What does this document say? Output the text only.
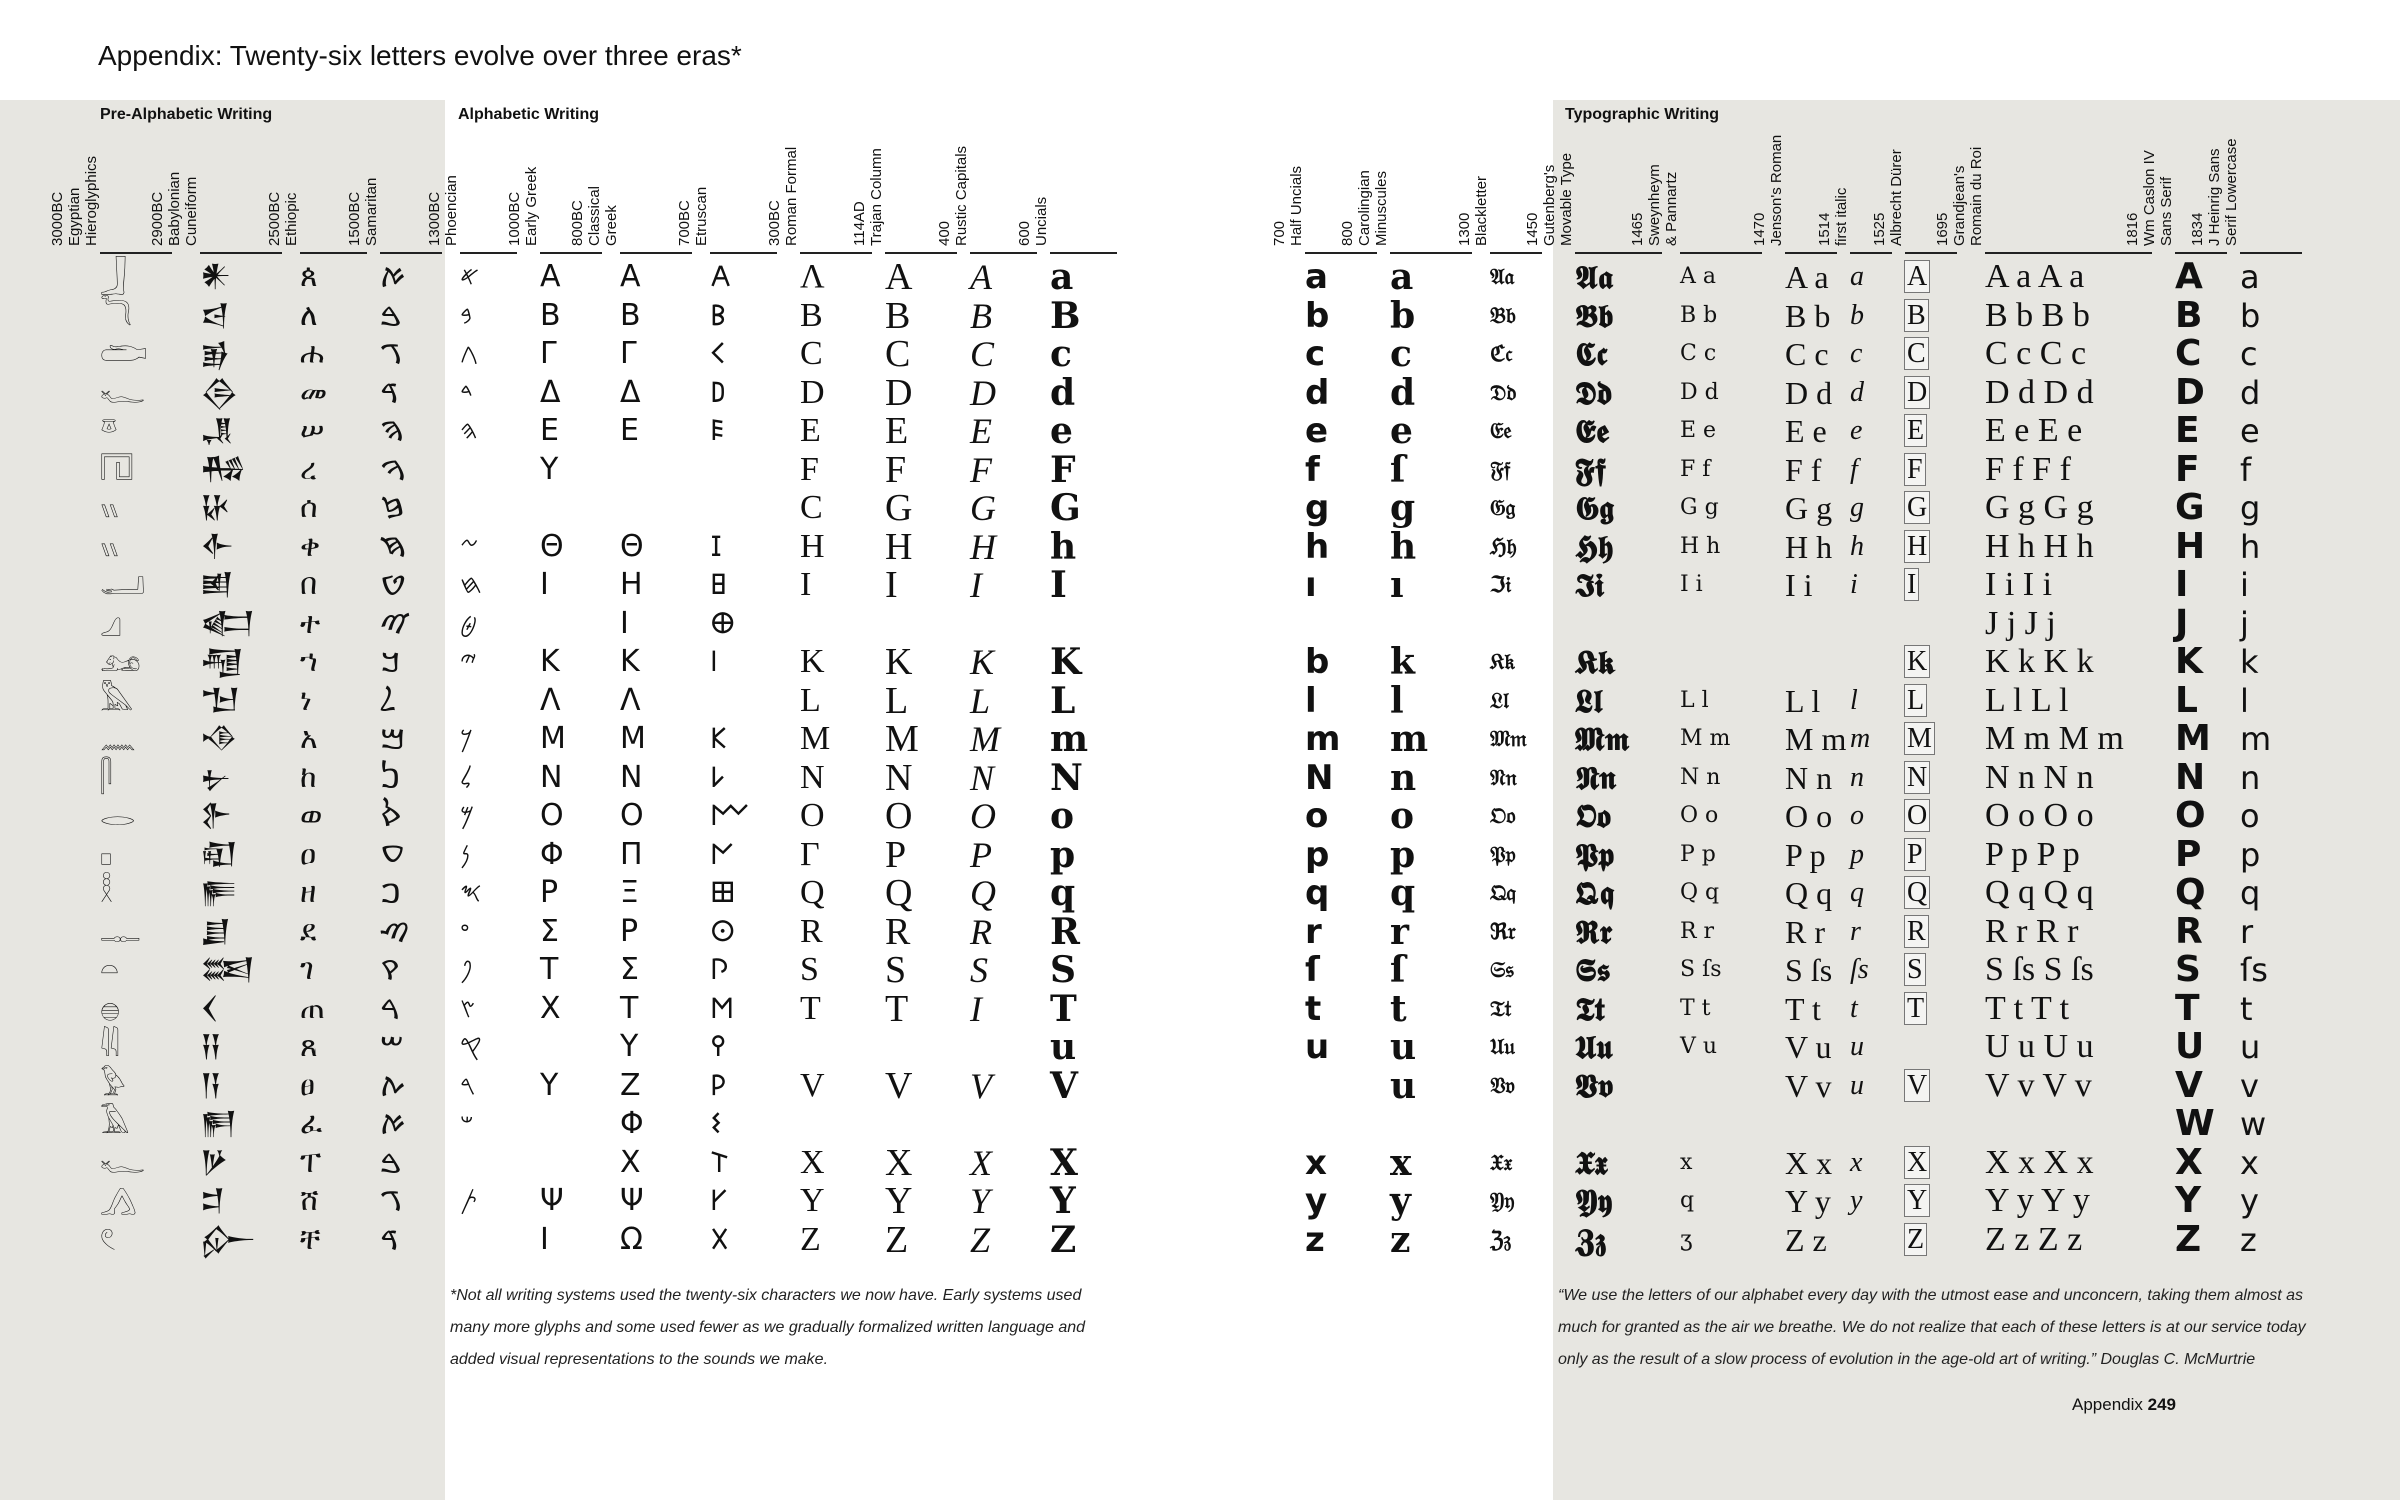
Appendix: Twenty-six letters evolve over three eras*
Pre-Alphabetic Writing	Alphabetic Writing	Typographic Writing
3000BC Egyptian Hieroglyphics
𓃀
𓆓
𓂧
𓆑
𓎼
𓉔
𓏭
𓏭
𓂝
𓈎
𓃭
𓅓
𓈖
𓋴
𓂋
𓊪
𓎛
𓊃
𓏏
𓐍
𓇌
𓅱
𓄿
𓆑
𓂻
𓏲
2900BC Babylonian Cuneiform
𒀭
𒁀
𒂊
𒁲
𒂗
𒄀
𒄩
𒅆
𒅖
𒅗
𒆷
𒈠
𒈾
𒉡
𒉿
𒊏
𒊓
𒋗
𒌅
𒌋
𒍝
𒀀
𒂍
𒃻
𒄑
𒅎
2500BC Ethiopic
ጰ
ለ
ሐ
መ
ሠ
ረ
ሰ
ቀ
በ
ተ
ኀ
ነ
አ
ከ
ወ
ዐ
ዘ
ደ
ገ
ጠ
ጸ
ፀ
ፈ
ፐ
ሸ
ቸ
1500BC Samaritan
ࠀ
ࠁ
ࠂ
ࠃ
ࠄ
ࠅ
ࠆ
ࠇ
ࠈ
ࠉ
ࠊ
ࠋ
ࠌ
ࠍ
ࠎ
ࠏ
ࠐ
ࠑ
ࠒ
ࠓ
ࠔ
ࠕ
ࠀ
ࠁ
ࠂ
ࠃ
1300BC Phoencian
𐤀
𐤁
𐤂
𐤃
𐤄
𐤆
𐤇
𐤈
𐤉
𐤊
𐤋
𐤌
𐤍
𐤎
𐤏
𐤐
𐤑
𐤒
𐤓
𐤔
𐤕
1000BC Early Greek
Α
Β
Γ
Δ
Ε
Υ
Θ
Ι
Κ
Λ
Μ
Ν
Ο
Φ
Ρ
Σ
Τ
Χ
Υ
Ψ
Ι
800BC Classical Greek
Α
Β
Γ
Δ
Ε
Θ
Η
Ι
Κ
Λ
Μ
Ν
Ο
Π
Ξ
Ρ
Σ
Τ
Υ
Ζ
Φ
Χ
Ψ
Ω
700BC Etruscan
𐌀
𐌁
𐌂
𐌃
𐌄
𐌆
𐌇
𐌈
𐌉
𐌊
𐌋
𐌌
𐌍
𐌎
𐌏
𐌐
𐌑
𐌒
𐌓
𐌔
𐌕
𐌖
𐌗
300BC Roman Formal
Λ
B
C
D
E
F
C
H
I
K
L
M
N
O
Γ
Q
R
S
T
V
X
Y
Z
114AD Trajan Column
A
B
C
D
E
F
G
H
I
K
L
M
N
O
P
Q
R
S
T
V
X
Y
Z
400 Rustic Capitals
A
B
C
D
E
F
G
H
I
K
L
M
N
O
P
Q
R
S
I
V
X
Y
Z
600 Uncials
a
B
c
d
e
F
G
h
I
K
L
m
N
o
p
q
R
S
T
u
V
X
Y
Z
700 Half Uncials
a
b
c
d
e
f
g
h
ı
b
l
m
N
o
p
q
r
ſ
t
u
x
y
z
800 Carolingian Minuscules
a
b
c
d
e
ſ
g
h
ı
k
l
m
n
o
p
q
r
ſ
t
u
u
x
y
z
1300 Blackletter
𝔄𝔞
𝔅𝔟
ℭ𝔠
𝔇𝔡
𝔈𝔢
𝔉𝔣
𝔊𝔤
ℌ𝔥
ℑ𝔦
𝔎𝔨
𝔏𝔩
𝔐𝔪
𝔑𝔫
𝔒𝔬
𝔓𝔭
𝔔𝔮
ℜ𝔯
𝔖𝔰
𝔗𝔱
𝔘𝔲
𝔙𝔳
𝔛𝔵
𝔜𝔶
ℨ𝔷
1450 Gutenberg's Movable Type
𝕬𝖆
𝕭𝖇
𝕮𝖈
𝕯𝖉
𝕰𝖊
𝕱𝖋
𝕲𝖌
𝕳𝖍
𝕴𝖎
𝕶𝖐
𝕷𝖑
𝕸𝖒
𝕹𝖓
𝕺𝖔
𝕻𝖕
𝕼𝖖
𝕽𝖗
𝕾𝖘
𝕿𝖙
𝖀𝖚
𝖁𝖛
𝖃𝖝
𝖄𝖞
𝖅𝖟
1465 Sweynheym & Pannartz
A a
B b
C c
D d
E e
F f
G g
H h
I i
L l
M m
N n
O o
P p
Q q
R r
S ſs
T t
V u
x
q
ʒ
1470 Jenson's Roman
A a
B b
C c
D d
E e
F f
G g
H h
I i
L l
M m
N n
O o
P p
Q q
R r
S ſs
T t
V u
V v
X x
Y y
Z z
1514 first italic
a
b
c
d
e
f
g
h
i
l
m
n
o
p
q
r
ſs
t
u
u
x
y
1525 Albrecht Dürer
A
B
C
D
E
F
G
H
I
K
L
M
N
O
P
Q
R
S
T
V
X
Y
Z
1695 Grandjean's Romain du Roi
A a A a
B b B b
C c C c
D d D d
E e E e
F f F f
G g G g
H h H h
I i I i
J j J j
K k K k
L l L l
M m M m
N n N n
O o O o
P p P p
Q q Q q
R r R r
S ſs S ſs
T t T t
U u U u
V v V v
X x X x
Y y Y y
Z z Z z
1816 Wm Caslon IV Sans Serif
A
B
C
D
E
F
G
H
I
J
K
L
M
N
O
P
Q
R
S
T
U
V
W
X
Y
Z
1834 J Heinrig Sans Serif Lowercase
a
b
c
d
e
f
g
h
i
j
k
l
m
n
o
p
q
r
ſs
t
u
v
w
x
y
z
*Not all writing systems used the twenty-six characters we now have. Early systems used many more glyphs and some used fewer as we gradually formalized written language and added visual representations to the sounds we make.
“We use the letters of our alphabet every day with the utmost ease and unconcern, taking them almost as much for granted as the air we breathe. We do not realize that each of these letters is at our service today only as the result of a slow process of evolution in the age-old art of writing.” Douglas C. McMurtrie
Appendix 249
